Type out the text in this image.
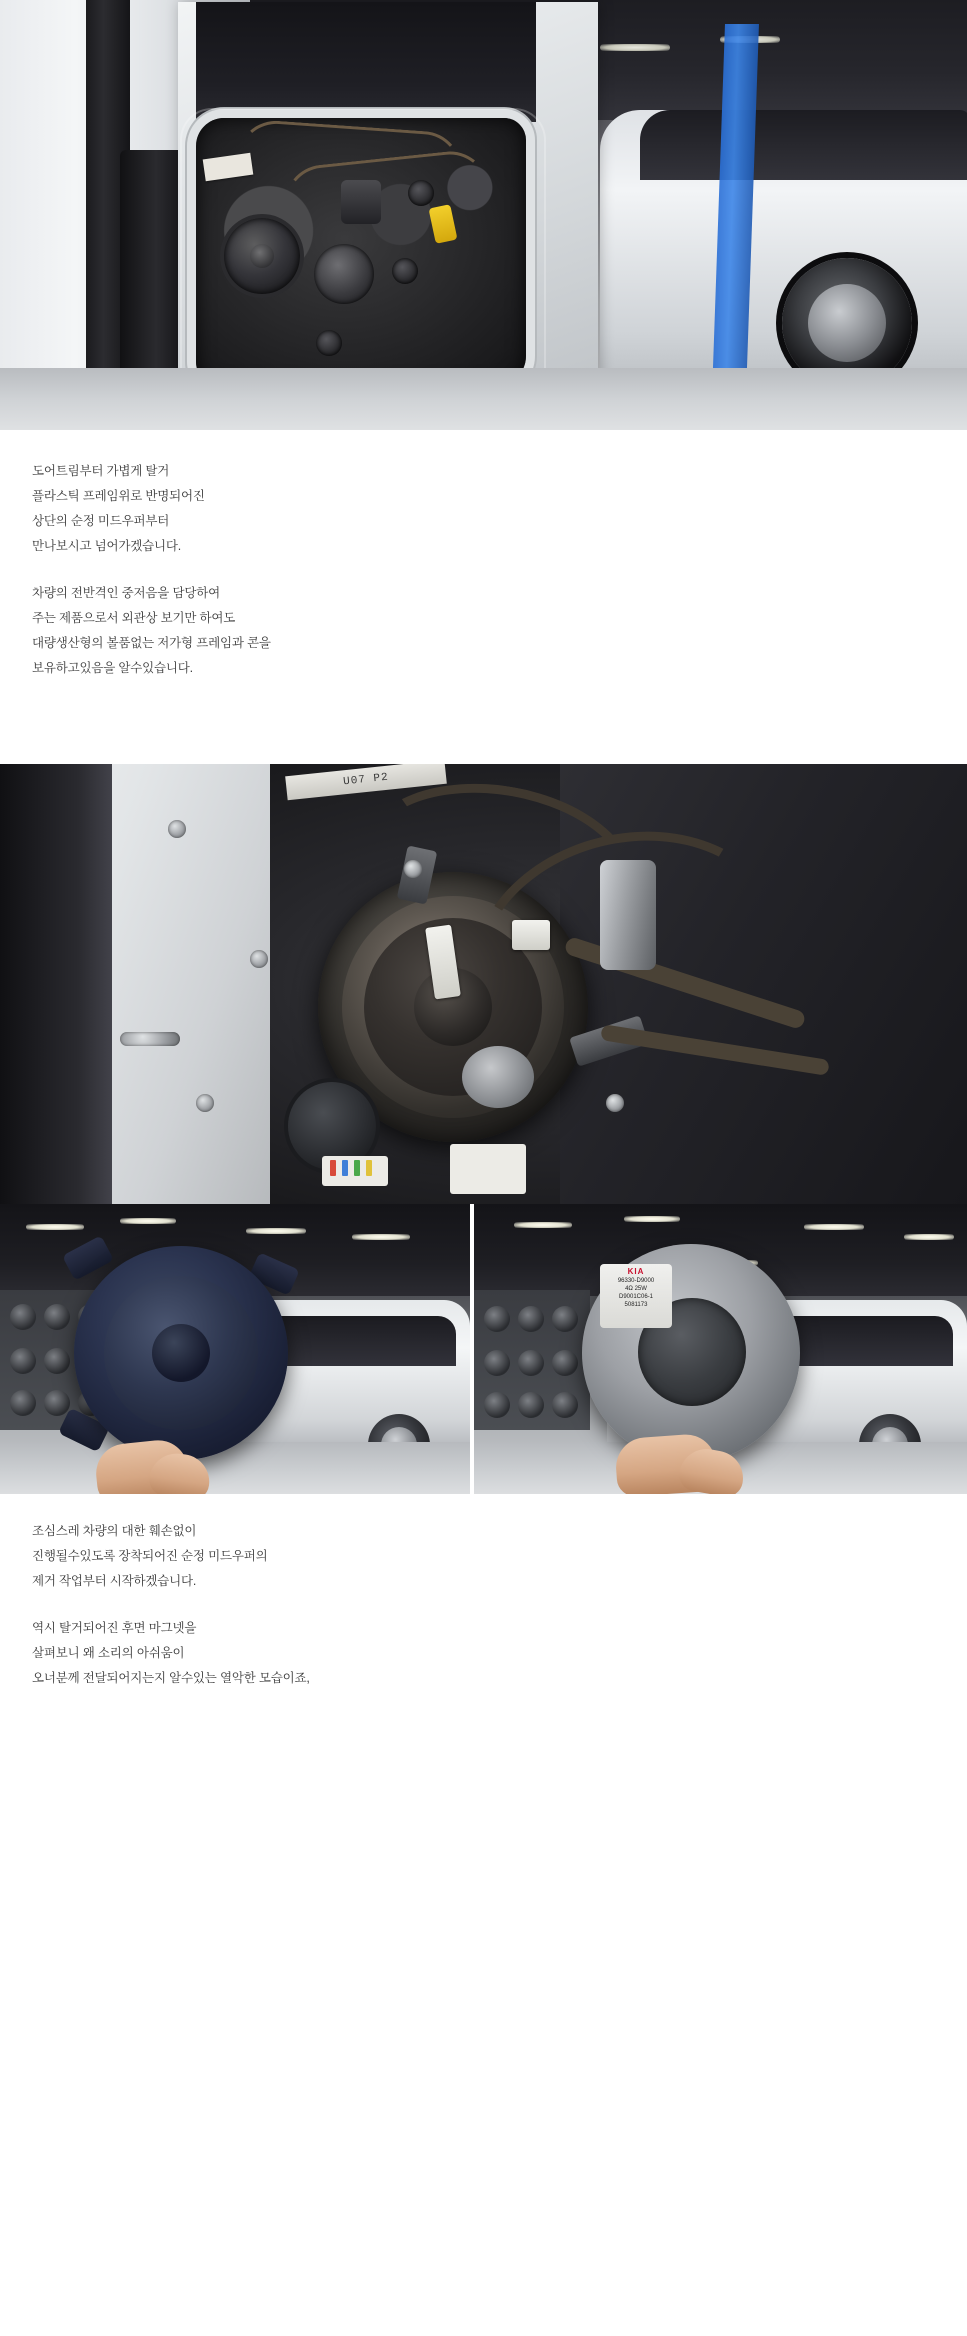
도어트림부터 가볍게 탈거

플라스틱 프레임위로 반명되어진

상단의 순정 미드우퍼부터

만나보시고 넘어가겠습니다.

차량의 전반격인 중저음을 담당하여

주는 제품으로서 외관상 보기만 하여도

대량생산형의 볼품없는 저가형 프레임과 콘을

보유하고있음을 알수있습니다.

U07 P2
KIA
96330-D9000
4Ω 25W
D9001C06-1
5081173

조심스레 차량의 대한 훼손없이

진행될수있도록 장착되어진 순정 미드우퍼의

제거 작업부터 시작하겠습니다.

역시 탈거되어진 후면 마그넷을

살펴보니 왜 소리의 아쉬움이

오너분께 전달되어지는지 알수있는 열악한 모습이죠,
